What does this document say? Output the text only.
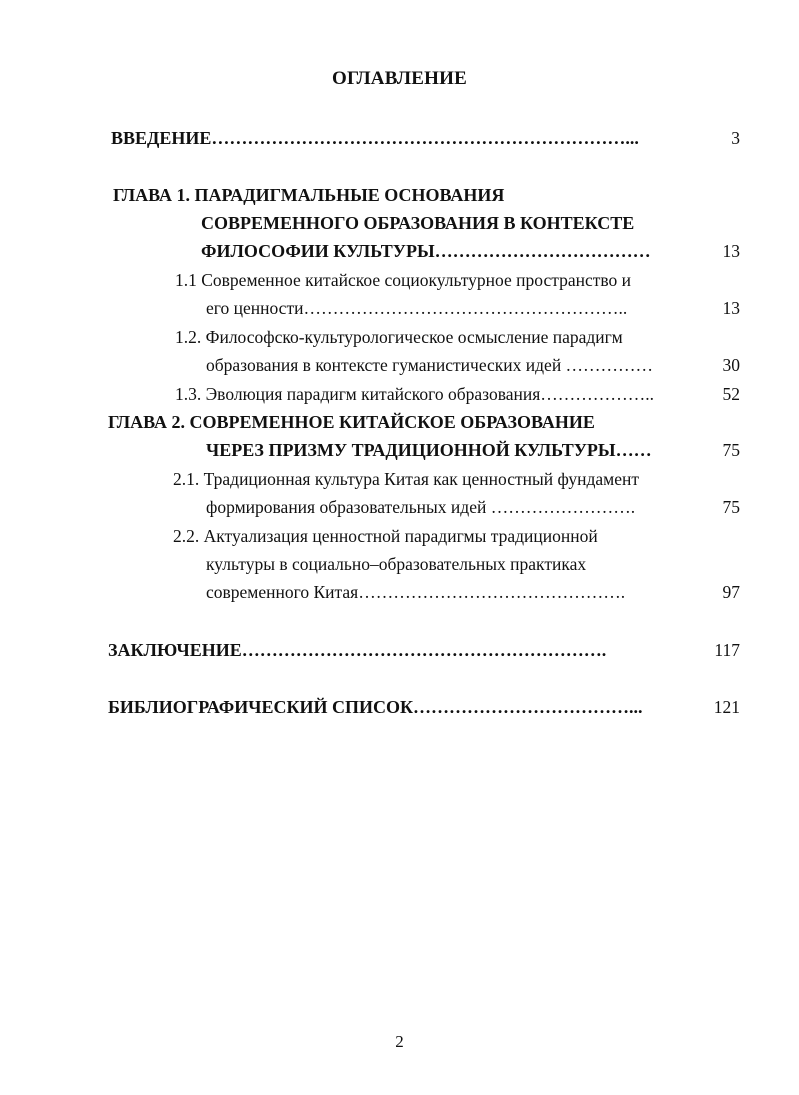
ОГЛАВЛЕНИЕ
ВВЕДЕНИЕ……………………………………………………………...	3
ГЛАВА 1. ПАРАДИГМАЛЬНЫЕ ОСНОВАНИЯ
СОВРЕМЕННОГО ОБРАЗОВАНИЯ В КОНТЕКСТЕ
ФИЛОСОФИИ КУЛЬТУРЫ………………………………	13
1.1 Современное китайское социокультурное пространство и
его ценности………………………………………………..	13
1.2. Философско-культурологическое осмысление парадигм
образования в контексте гуманистических идей ……………	30
1.3. Эволюция парадигм китайского образования………………..	52
ГЛАВА 2. СОВРЕМЕННОЕ КИТАЙСКОЕ ОБРАЗОВАНИЕ
ЧЕРЕЗ ПРИЗМУ ТРАДИЦИОННОЙ КУЛЬТУРЫ……	75
2.1. Традиционная культура Китая как ценностный фундамент
формирования образовательных идей …………………….	75
2.2. Актуализация ценностной парадигмы традиционной
культуры в социально–образовательных практиках
современного Китая……………………………………….	97
ЗАКЛЮЧЕНИЕ…………………………………………………….	117
БИБЛИОГРАФИЧЕСКИЙ СПИСОК………………………………...	121
2
